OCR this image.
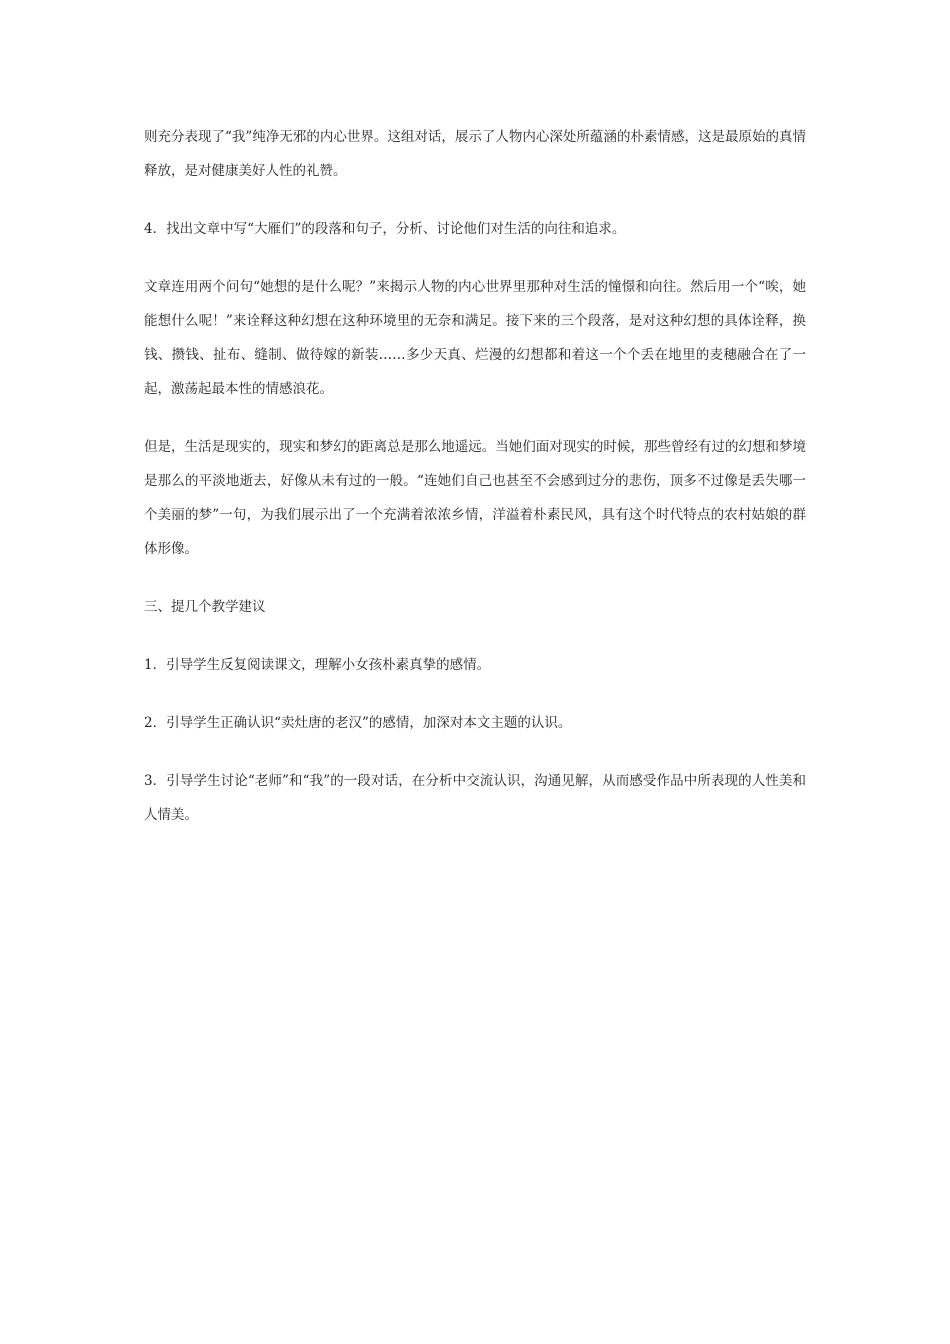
则充分表现了“我”纯净无邪的内心世界。这组对话，展示了人物内心深处所蕴涵的朴素情感，这是最原始的真情释放，是对健康美好人性的礼赞。

4．找出文章中写“大雁们”的段落和句子，分析、讨论他们对生活的向往和追求。

文章连用两个问句“她想的是什么呢？”来揭示人物的内心世界里那种对生活的憧憬和向往。然后用一个“唉，她能想什么呢！”来诠释这种幻想在这种环境里的无奈和满足。接下来的三个段落，是对这种幻想的具体诠释，换钱、攒钱、扯布、缝制、做待嫁的新装……多少天真、烂漫的幻想都和着这一个个丢在地里的麦穗融合在了一起，激荡起最本性的情感浪花。

但是，生活是现实的，现实和梦幻的距离总是那么地遥远。当她们面对现实的时候，那些曾经有过的幻想和梦境是那么的平淡地逝去，好像从未有过的一般。“连她们自己也甚至不会感到过分的悲伤，顶多不过像是丢失哪一个美丽的梦”一句，为我们展示出了一个充满着浓浓乡情，洋溢着朴素民风，具有这个时代特点的农村姑娘的群体形像。

三、提几个教学建议

1．引导学生反复阅读课文，理解小女孩朴素真挚的感情。

2．引导学生正确认识“卖灶唐的老汉”的感情，加深对本文主题的认识。

3．引导学生讨论“老师”和“我”的一段对话，在分析中交流认识，沟通见解，从而感受作品中所表现的人性美和人情美。
